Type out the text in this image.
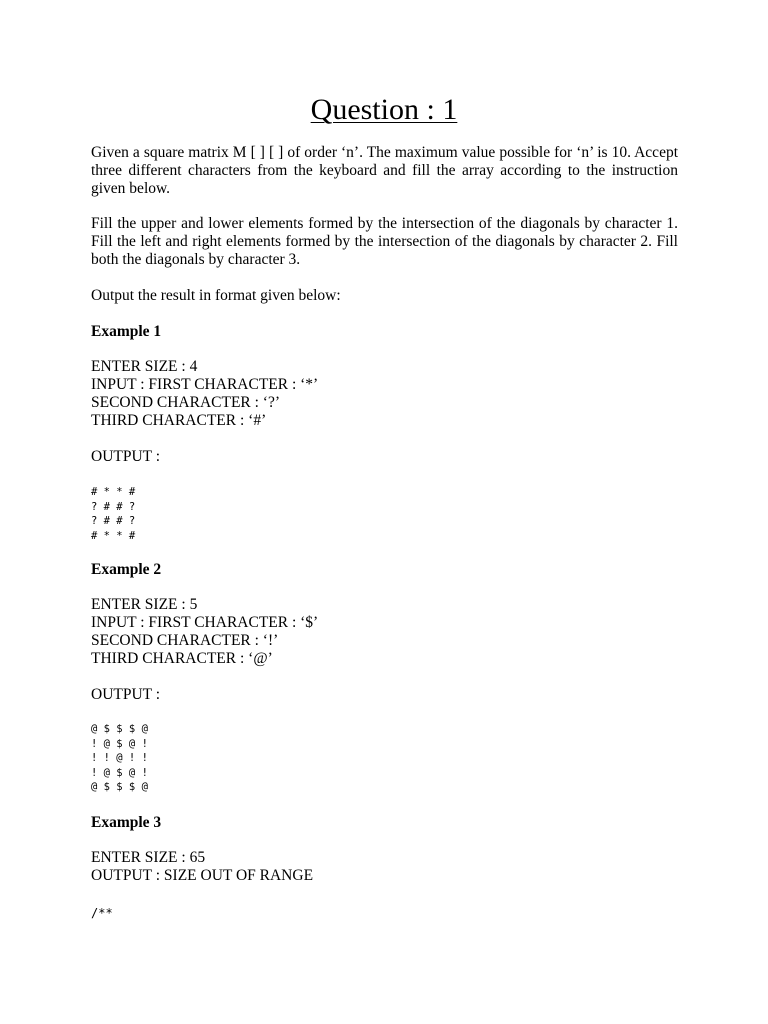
Question : 1
Given a square matrix M [ ] [ ] of order ‘n’. The maximum value possible for ‘n’ is 10. Accept three different characters from the keyboard and fill the array according to the instruction given below.
Fill the upper and lower elements formed by the intersection of the diagonals by character 1. Fill the left and right elements formed by the intersection of the diagonals by character 2. Fill both the diagonals by character 3.
Output the result in format given below:
Example 1
ENTER SIZE : 4
INPUT : FIRST CHARACTER : ‘*’
SECOND CHARACTER : ‘?’
THIRD CHARACTER : ‘#’
OUTPUT :
# * * #
? # # ?
? # # ?
# * * #
Example 2
ENTER SIZE : 5
INPUT : FIRST CHARACTER : ‘$’
SECOND CHARACTER : ‘!’
THIRD CHARACTER : ‘@’
OUTPUT :
@ $ $ $ @
! @ $ @ !
! ! @ ! !
! @ $ @ !
@ $ $ $ @
Example 3
ENTER SIZE : 65
OUTPUT : SIZE OUT OF RANGE
/**
